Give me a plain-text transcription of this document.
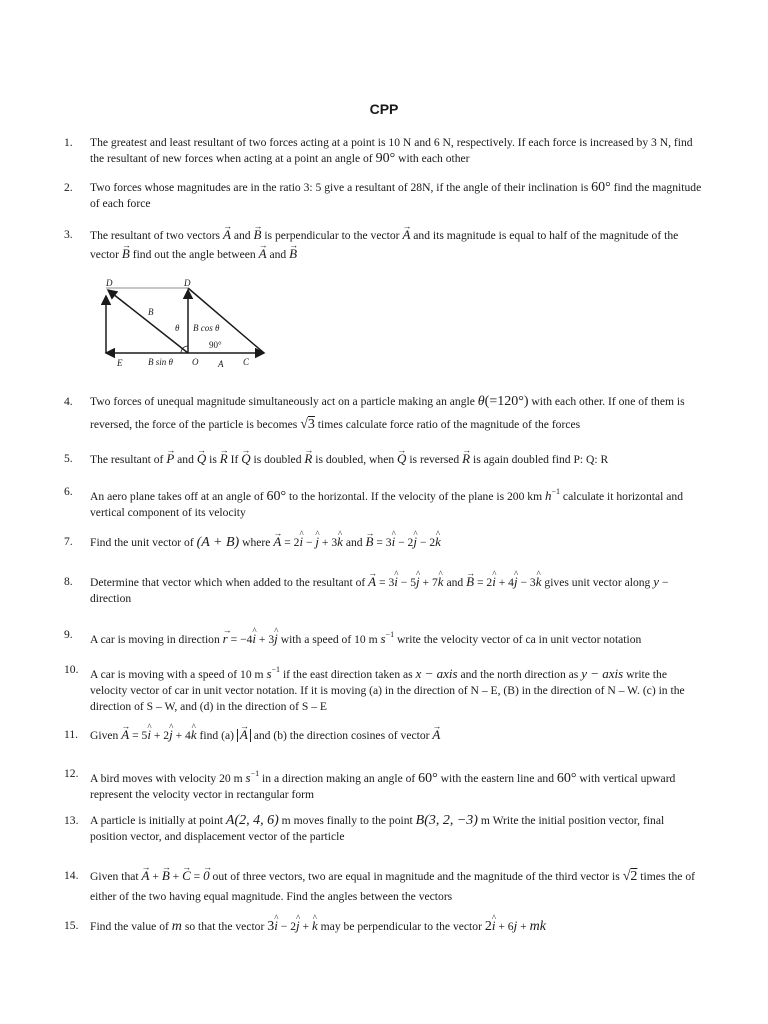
CPP
1.	The greatest and least resultant of two forces acting at a point is 10 N and 6 N, respectively. If each force is increased by 3 N, find the resultant of new forces when acting at a point an angle of 90° with each other
2.	Two forces whose magnitudes are in the ratio 3: 5 give a resultant of 28N, if the angle of their inclination is 60° find the magnitude of each force
3.	The resultant of two vectors → A and → B is perpendicular to the vector → A and its magnitude is equal to half of the magnitude of the vector → B find out the angle between → A and → B
D	D
B
θ B cos θ
90°
E	B sin θ O A C
4.	Two forces of unequal magnitude simultaneously act on a particle making an angle θ(=120°) with each other. If one of them is reversed, the force of the particle is becomes √3 times calculate force ratio of the magnitude of the forces
5.	The resultant of → P and → Q is → R If → Q is doubled → R is doubled, when → Q is reversed → R is again doubled find P: Q: R
6.	An aero plane takes off at an angle of 60° to the horizontal. If the velocity of the plane is 200 km $h^{-1}$ calculate it horizontal and vertical component of its velocity
7.	Find the unit vector of (A + B) where → A = 2^ i − ^ j + 3^ k and → B = 3^ i − 2^ j − 2^ k
8.	Determine that vector which when added to the resultant of → A = 3^ i − 5^ j + 7^ k and → B = 2^ i + 4^ j − 3^ k gives unit vector along y − direction
9.	A car is moving in direction → r = −4^ i + 3^ j with a speed of 10 m $s^{-1}$ write the velocity vector of ca in unit vector notation
10. A car is moving with a speed of 10 m $s^{-1}$ if the east direction taken as x − axis and the north direction as y − axis write the velocity vector of car in unit vector notation. If it is moving (a) in the direction of N – E, (B) in the direction of N – W. (c) in the direction of S – W, and (d) in the direction of S – E
11.	Given → A = 5^ i + 2^ j + 4^ k find (a) → A and (b) the direction cosines of vector → A
12. A bird moves with velocity 20 m $s^{-1}$ in a direction making an angle of 60° with the eastern line and 60° with vertical upward represent the velocity vector in rectangular form
13. A particle is initially at point A(2, 4, 6) m moves finally to the point B(3, 2, −3) m Write the initial position vector, final position vector, and displacement vector of the particle
14. Given that → A + → B + → C = → 0 out of three vectors, two are equal in magnitude and the magnitude of the third vector is √2 times the of either of the two having equal magnitude. Find the angles between the vectors
15. Find the value of m so that the vector 3^ i − 2^ j + ^ k may be perpendicular to the vector 2^ i + 6j + mk
